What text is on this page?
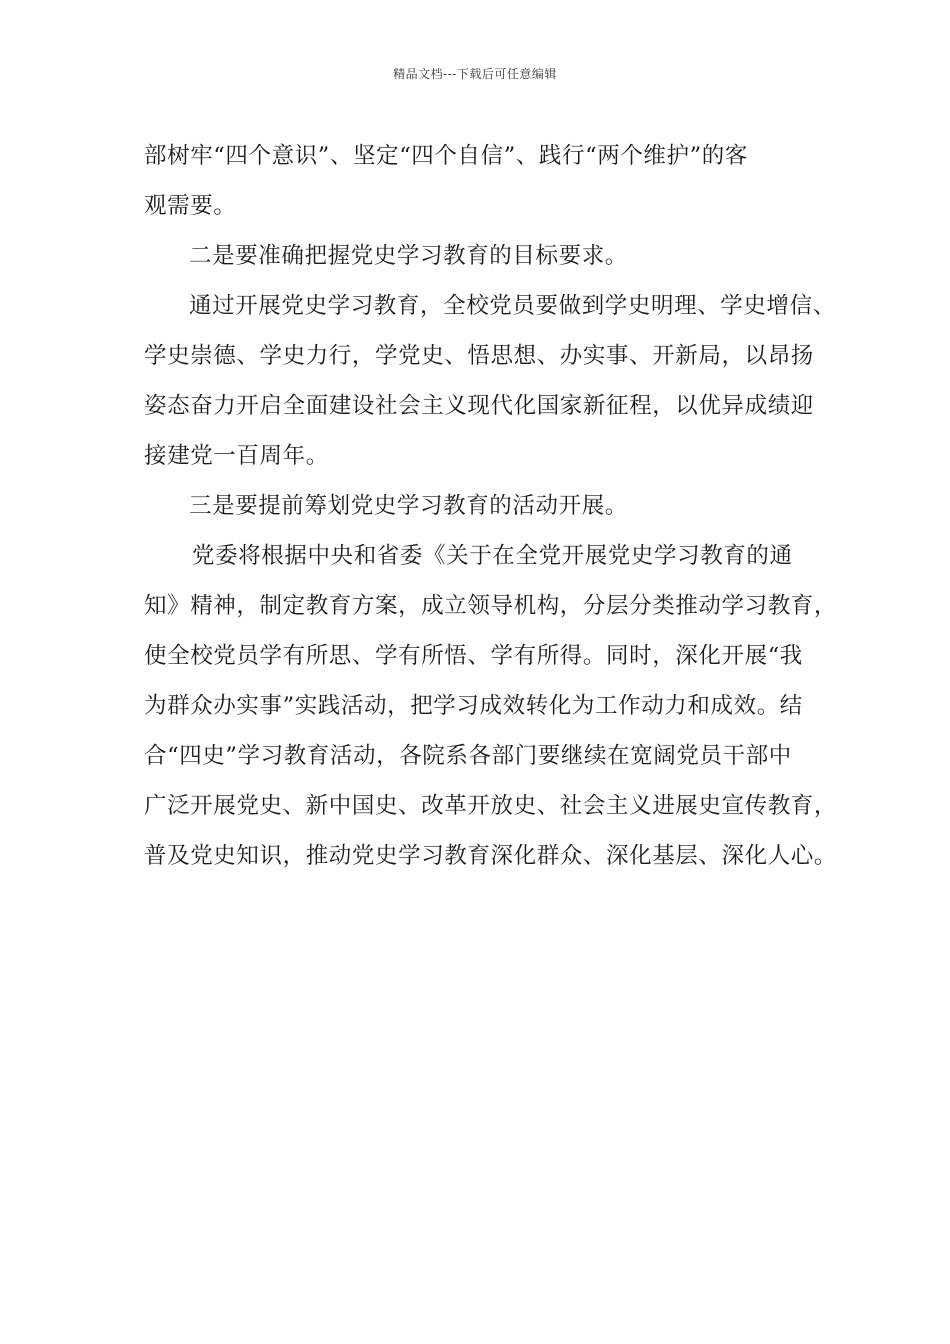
精品文档---下载后可任意编辑
部树牢“四个意识”、坚定“四个自信”、践行“两个维护”的客
观需要。
二是要准确把握党史学习教育的目标要求。
通过开展党史学习教育，全校党员要做到学史明理、学史增信、
学史崇德、学史力行，学党史、悟思想、办实事、开新局，以昂扬
姿态奋力开启全面建设社会主义现代化国家新征程，以优异成绩迎
接建党一百周年。
三是要提前筹划党史学习教育的活动开展。
党委将根据中央和省委《关于在全党开展党史学习教育的通
知》精神，制定教育方案，成立领导机构，分层分类推动学习教育，
使全校党员学有所思、学有所悟、学有所得。同时，深化开展“我
为群众办实事”实践活动，把学习成效转化为工作动力和成效。结
合“四史”学习教育活动，各院系各部门要继续在宽阔党员干部中
广泛开展党史、新中国史、改革开放史、社会主义进展史宣传教育，
普及党史知识，推动党史学习教育深化群众、深化基层、深化人心。
